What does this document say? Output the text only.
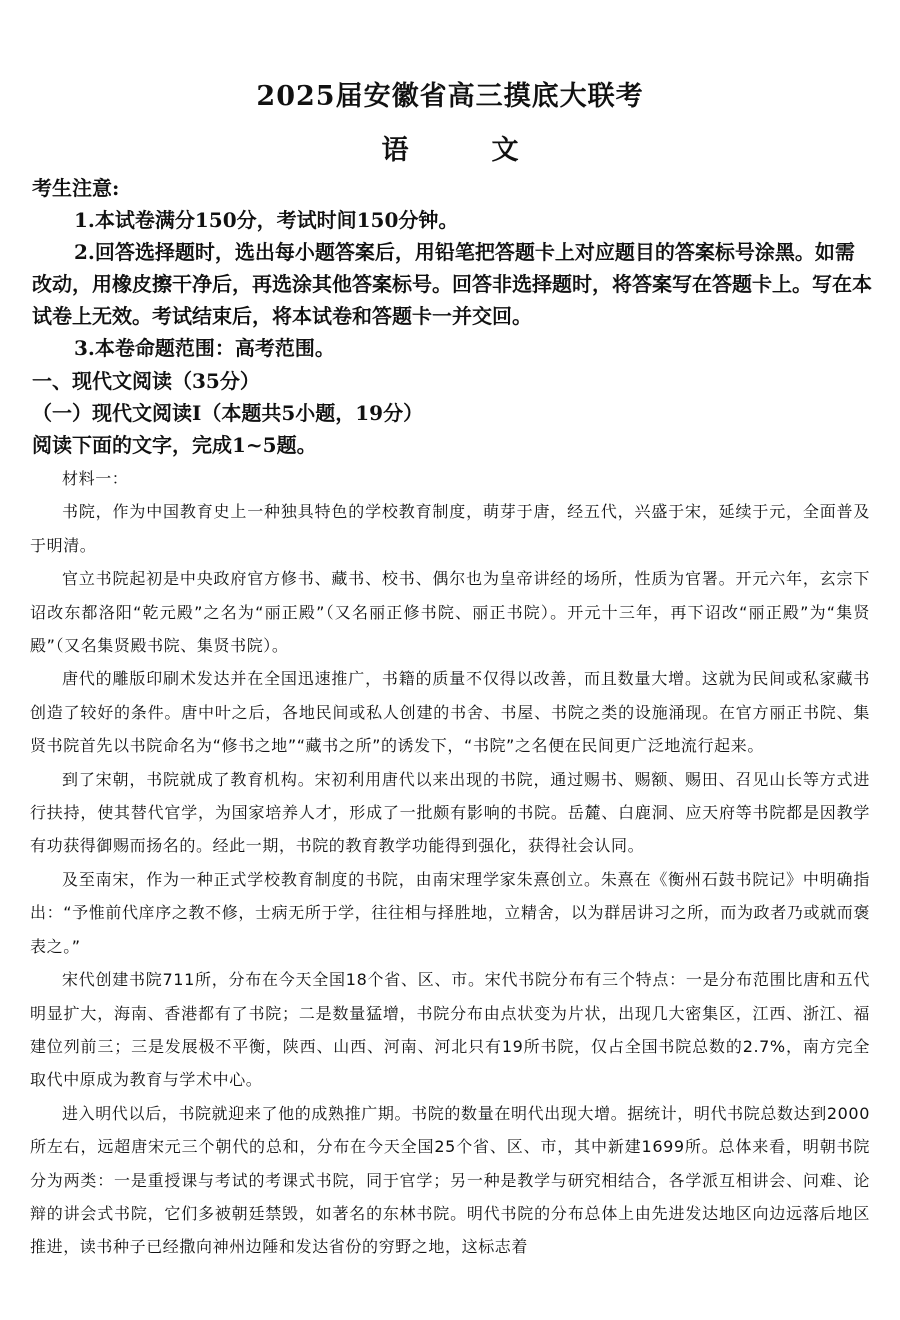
2025届安徽省高三摸底大联考
语　文

考生注意:

1.本试卷满分150分，考试时间150分钟。

2.回答选择题时，选出每小题答案后，用铅笔把答题卡上对应题目的答案标号涂黑。如需改动，用橡皮擦干净后，再选涂其他答案标号。回答非选择题时，将答案写在答题卡上。写在本试卷上无效。考试结束后，将本试卷和答题卡一并交回。

3.本卷命题范围：高考范围。

一、现代文阅读（35分）
（一）现代文阅读Ⅰ（本题共5小题，19分）
阅读下面的文字，完成1~5题。

材料一：

书院，作为中国教育史上一种独具特色的学校教育制度，萌芽于唐，经五代，兴盛于宋，延续于元，全面普及于明清。

官立书院起初是中央政府官方修书、藏书、校书、偶尔也为皇帝讲经的场所，性质为官署。开元六年，玄宗下诏改东都洛阳“乾元殿”之名为“丽正殿”（又名丽正修书院、丽正书院）。开元十三年，再下诏改“丽正殿”为“集贤殿”（又名集贤殿书院、集贤书院）。

唐代的雕版印刷术发达并在全国迅速推广，书籍的质量不仅得以改善，而且数量大增。这就为民间或私家藏书创造了较好的条件。唐中叶之后，各地民间或私人创建的书舍、书屋、书院之类的设施涌现。在官方丽正书院、集贤书院首先以书院命名为“修书之地”“藏书之所”的诱发下，“书院”之名便在民间更广泛地流行起来。

到了宋朝，书院就成了教育机构。宋初利用唐代以来出现的书院，通过赐书、赐额、赐田、召见山长等方式进行扶持，使其替代官学，为国家培养人才，形成了一批颇有影响的书院。岳麓、白鹿洞、应天府等书院都是因教学有功获得御赐而扬名的。经此一期，书院的教育教学功能得到强化，获得社会认同。

及至南宋，作为一种正式学校教育制度的书院，由南宋理学家朱熹创立。朱熹在《衡州石鼓书院记》中明确指出：“予惟前代庠序之教不修，士病无所于学，往往相与择胜地，立精舍，以为群居讲习之所，而为政者乃或就而褒表之。”

宋代创建书院711所，分布在今天全国18个省、区、市。宋代书院分布有三个特点：一是分布范围比唐和五代明显扩大，海南、香港都有了书院；二是数量猛增，书院分布由点状变为片状，出现几大密集区，江西、浙江、福建位列前三；三是发展极不平衡，陕西、山西、河南、河北只有19所书院，仅占全国书院总数的2.7%，南方完全取代中原成为教育与学术中心。

进入明代以后，书院就迎来了他的成熟推广期。书院的数量在明代出现大增。据统计，明代书院总数达到2000所左右，远超唐宋元三个朝代的总和，分布在今天全国25个省、区、市，其中新建1699所。总体来看，明朝书院分为两类：一是重授课与考试的考课式书院，同于官学；另一种是教学与研究相结合，各学派互相讲会、问难、论辩的讲会式书院，它们多被朝廷禁毁，如著名的东林书院。明代书院的分布总体上由先进发达地区向边远落后地区推进，读书种子已经撒向神州边陲和发达省份的穷野之地，这标志着
